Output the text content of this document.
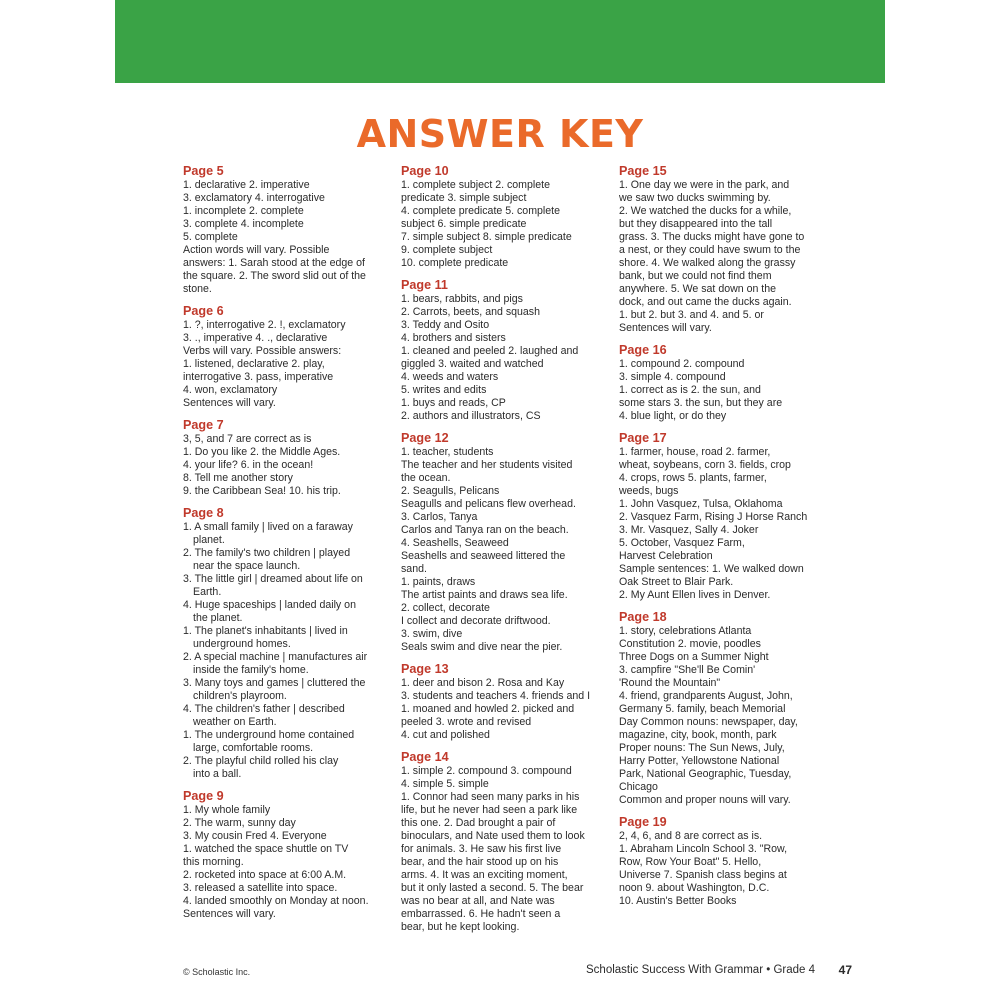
ANSWER KEY
Page 5
1. declarative 2. imperative
3. exclamatory 4. interrogative
1. incomplete 2. complete
3. complete 4. incomplete
5. complete
Action words will vary. Possible
answers: 1. Sarah stood at the edge of
the square. 2. The sword slid out of the
stone.
Page 6
1. ?, interrogative 2. !, exclamatory
3. ., imperative 4. ., declarative
Verbs will vary. Possible answers:
1. listened, declarative 2. play,
interrogative 3. pass, imperative
4. won, exclamatory
Sentences will vary.
Page 7
3, 5, and 7 are correct as is
1. Do you like 2. the Middle Ages.
4. your life? 6. in the ocean!
8. Tell me another story
9. the Caribbean Sea! 10. his trip.
Page 8
1. A small family | lived on a faraway
planet.
2. The family's two children | played
near the space launch.
3. The little girl | dreamed about life on
Earth.
4. Huge spaceships | landed daily on
the planet.
1. The planet's inhabitants | lived in
underground homes.
2. A special machine | manufactures air
inside the family's home.
3. Many toys and games | cluttered the
children's playroom.
4. The children's father | described
weather on Earth.
1. The underground home contained
large, comfortable rooms.
2. The playful child rolled his clay
into a ball.
Page 9
1. My whole family
2. The warm, sunny day
3. My cousin Fred 4. Everyone
1. watched the space shuttle on TV
this morning.
2. rocketed into space at 6:00 A.M.
3. released a satellite into space.
4. landed smoothly on Monday at noon.
Sentences will vary.
Page 10
1. complete subject 2. complete
predicate 3. simple subject
4. complete predicate 5. complete
subject 6. simple predicate
7. simple subject 8. simple predicate
9. complete subject
10. complete predicate
Page 11
1. bears, rabbits, and pigs
2. Carrots, beets, and squash
3. Teddy and Osito
4. brothers and sisters
1. cleaned and peeled 2. laughed and
giggled 3. waited and watched
4. weeds and waters
5. writes and edits
1. buys and reads, CP
2. authors and illustrators, CS
Page 12
1. teacher, students
The teacher and her students visited
the ocean.
2. Seagulls, Pelicans
Seagulls and pelicans flew overhead.
3. Carlos, Tanya
Carlos and Tanya ran on the beach.
4. Seashells, Seaweed
Seashells and seaweed littered the
sand.
1. paints, draws
The artist paints and draws sea life.
2. collect, decorate
I collect and decorate driftwood.
3. swim, dive
Seals swim and dive near the pier.
Page 13
1. deer and bison 2. Rosa and Kay
3. students and teachers 4. friends and I
1. moaned and howled 2. picked and
peeled 3. wrote and revised
4. cut and polished
Page 14
1. simple 2. compound 3. compound
4. simple 5. simple
1. Connor had seen many parks in his
life, but he never had seen a park like
this one. 2. Dad brought a pair of
binoculars, and Nate used them to look
for animals. 3. He saw his first live
bear, and the hair stood up on his
arms. 4. It was an exciting moment,
but it only lasted a second. 5. The bear
was no bear at all, and Nate was
embarrassed. 6. He hadn't seen a
bear, but he kept looking.
Page 15
1. One day we were in the park, and
we saw two ducks swimming by.
2. We watched the ducks for a while,
but they disappeared into the tall
grass. 3. The ducks might have gone to
a nest, or they could have swum to the
shore. 4. We walked along the grassy
bank, but we could not find them
anywhere. 5. We sat down on the
dock, and out came the ducks again.
1. but 2. but 3. and 4. and 5. or
Sentences will vary.
Page 16
1. compound 2. compound
3. simple 4. compound
1. correct as is 2. the sun, and
some stars 3. the sun, but they are
4. blue light, or do they
Page 17
1. farmer, house, road 2. farmer,
wheat, soybeans, corn 3. fields, crop
4. crops, rows 5. plants, farmer,
weeds, bugs
1. John Vasquez, Tulsa, Oklahoma
2. Vasquez Farm, Rising J Horse Ranch
3. Mr. Vasquez, Sally 4. Joker
5. October, Vasquez Farm,
Harvest Celebration
Sample sentences: 1. We walked down
Oak Street to Blair Park.
2. My Aunt Ellen lives in Denver.
Page 18
1. story, celebrations Atlanta
Constitution 2. movie, poodles
Three Dogs on a Summer Night
3. campfire "She'll Be Comin'
'Round the Mountain"
4. friend, grandparents August, John,
Germany 5. family, beach Memorial
Day Common nouns: newspaper, day,
magazine, city, book, month, park
Proper nouns: The Sun News, July,
Harry Potter, Yellowstone National
Park, National Geographic, Tuesday,
Chicago
Common and proper nouns will vary.
Page 19
2, 4, 6, and 8 are correct as is.
1. Abraham Lincoln School 3. "Row,
Row, Row Your Boat" 5. Hello,
Universe 7. Spanish class begins at
noon 9. about Washington, D.C.
10. Austin's Better Books
© Scholastic Inc.	Scholastic Success With Grammar • Grade 4 47
